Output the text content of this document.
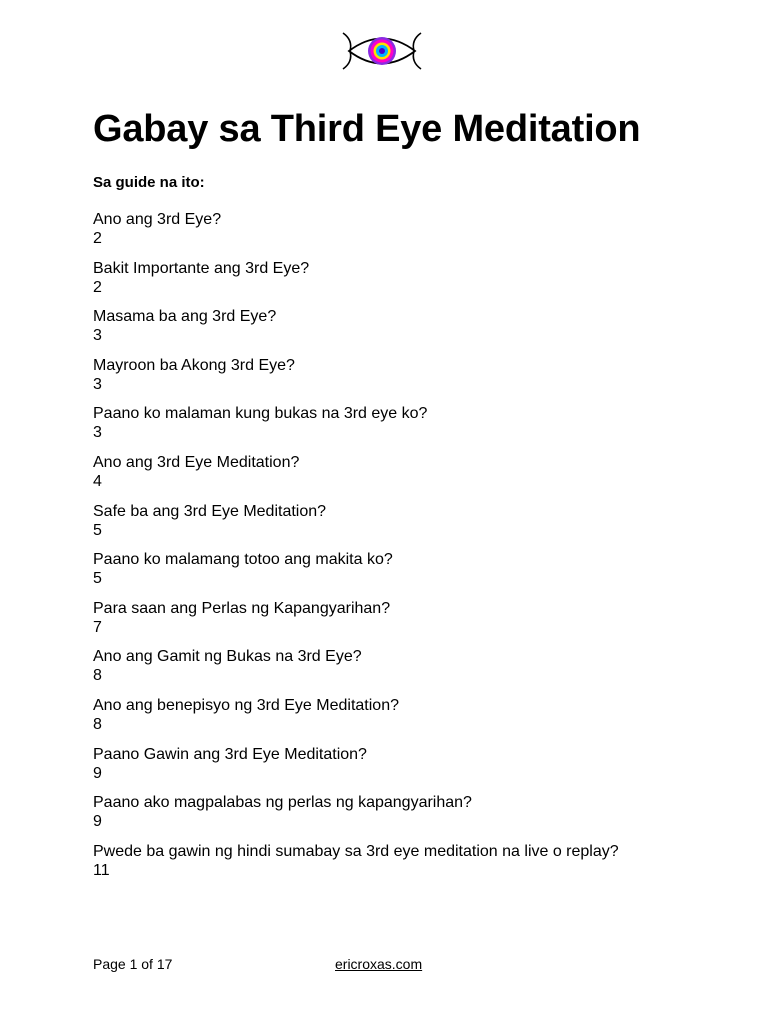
Gabay sa Third Eye Meditation
Sa guide na ito:
Ano ang 3rd Eye?
2
Bakit Importante ang 3rd Eye?
2
Masama ba ang 3rd Eye?
3
Mayroon ba Akong 3rd Eye?
3
Paano ko malaman kung bukas na 3rd eye ko?
3
Ano ang 3rd Eye Meditation?
4
Safe ba ang 3rd Eye Meditation?
5
Paano ko malamang totoo ang makita ko?
5
Para saan ang Perlas ng Kapangyarihan?
7
Ano ang Gamit ng Bukas na 3rd Eye?
8
Ano ang benepisyo ng 3rd Eye Meditation?
8
Paano Gawin ang 3rd Eye Meditation?
9
Paano ako magpalabas ng perlas ng kapangyarihan?
9
Pwede ba gawin ng hindi sumabay sa 3rd eye meditation na live o replay?
11
Page 1 of 17	ericroxas.com
